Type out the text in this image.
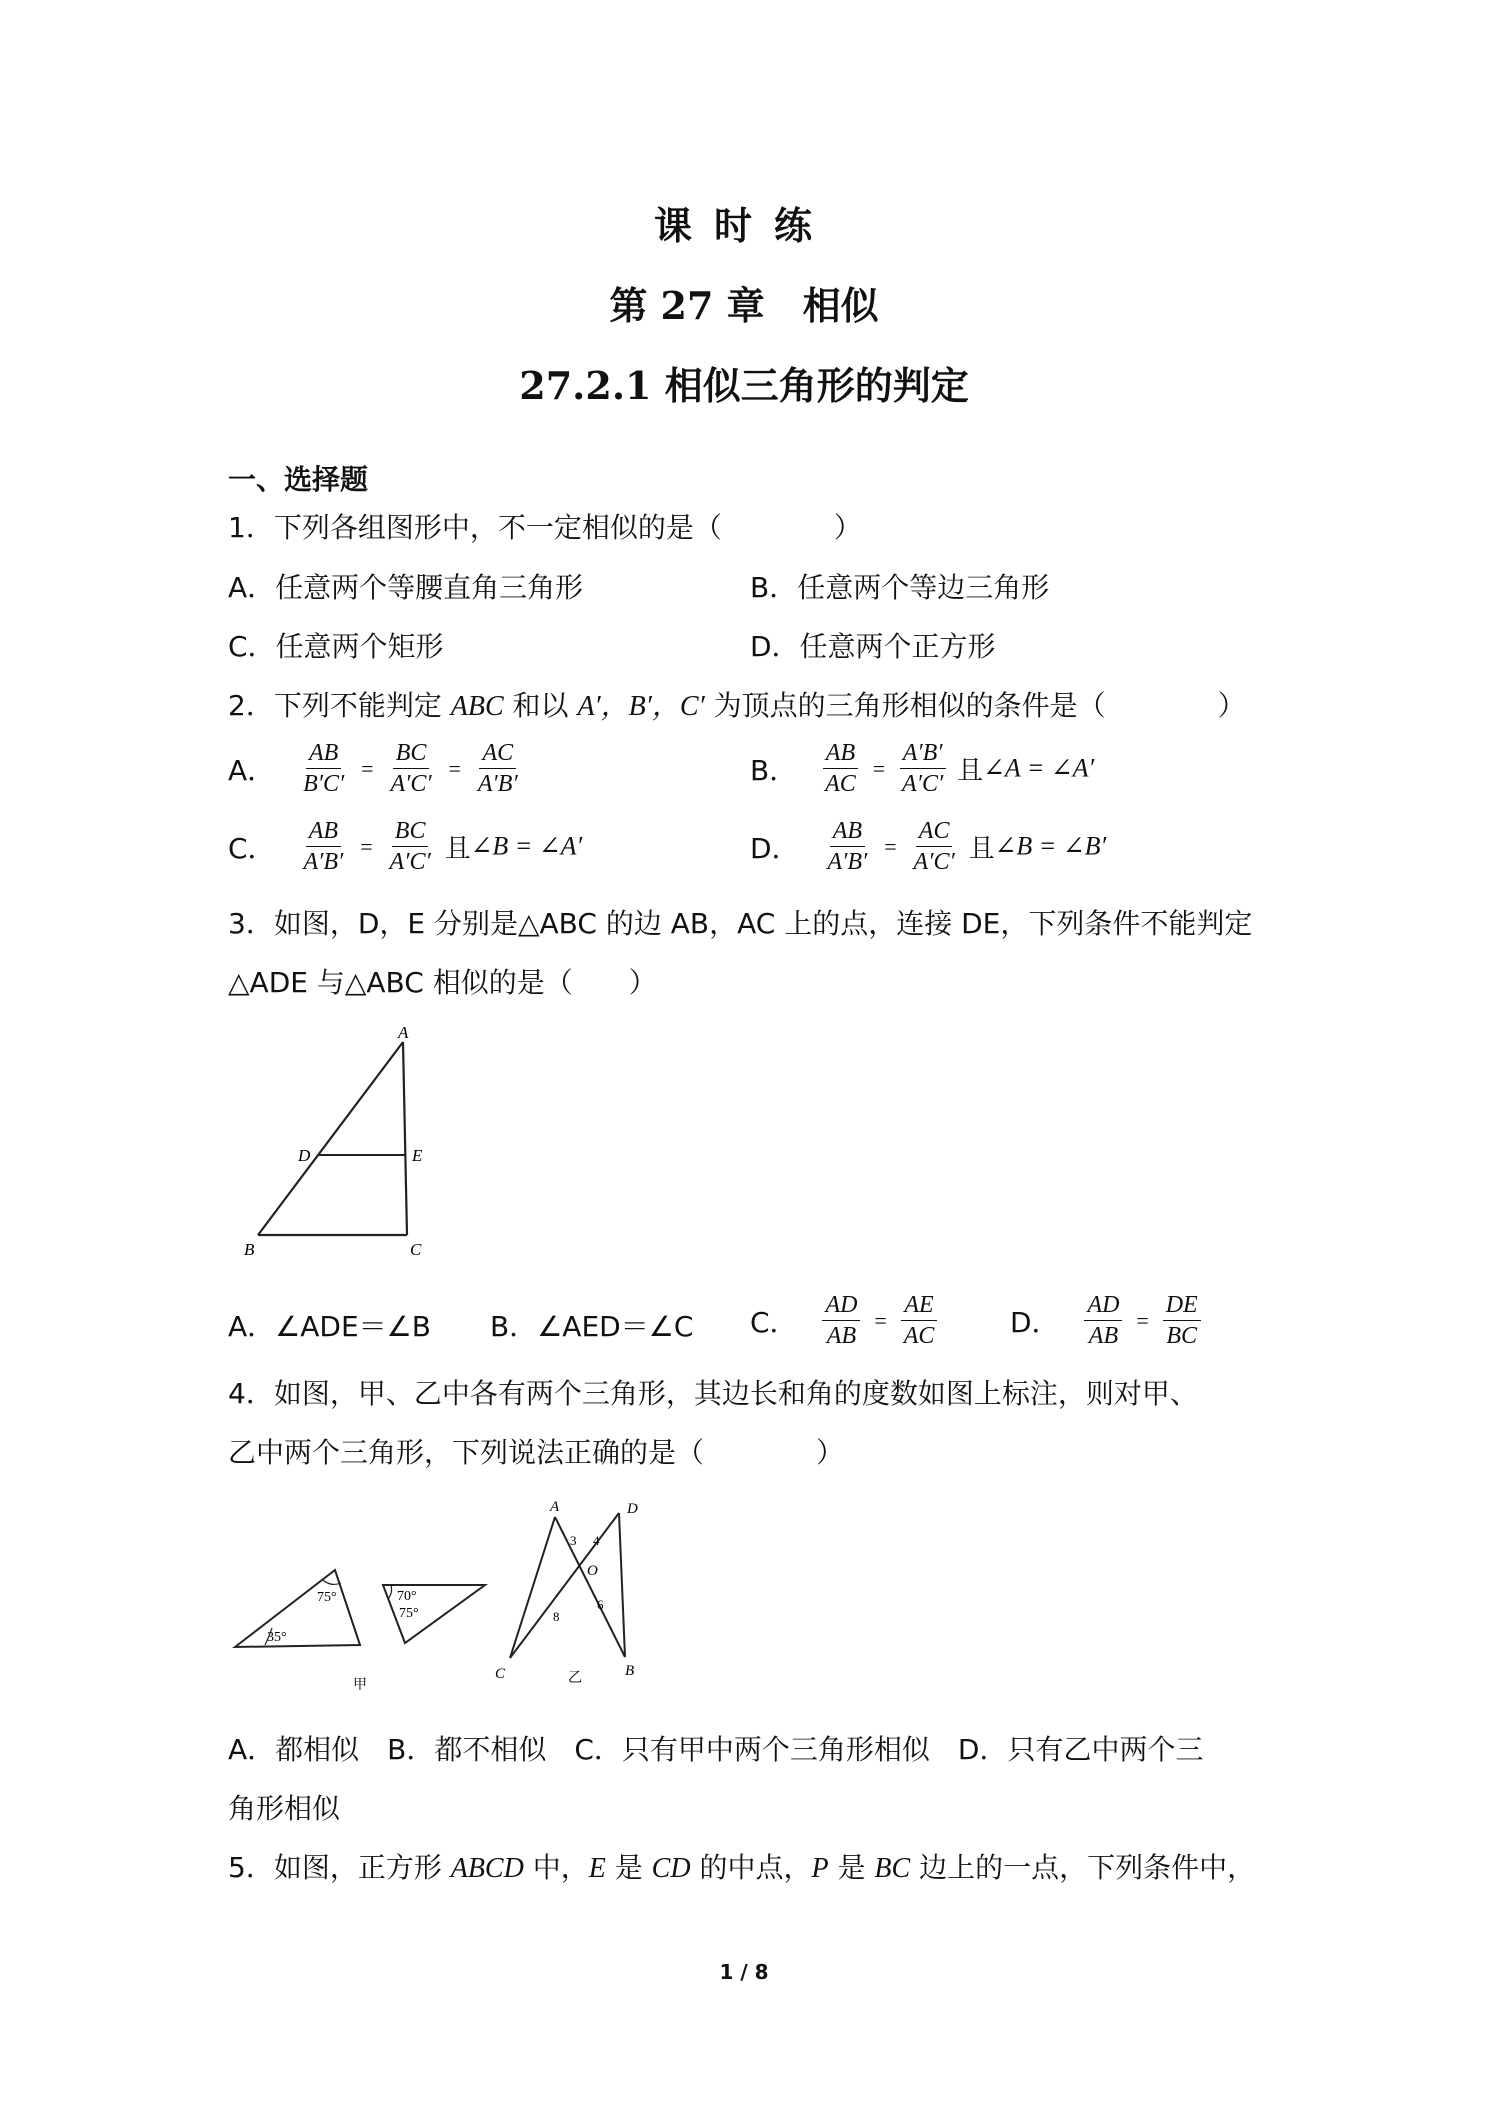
课时练
第 27 章　相似
27.2.1 相似三角形的判定
一、选择题
1．下列各组图形中，不一定相似的是（　　　　）
A．任意两个等腰直角三角形	B．任意两个等边三角形
C．任意两个矩形	D．任意两个正方形
2．下列不能判定 ABC 和以 A′，B′，C′ 为顶点的三角形相似的条件是（　　　　）
A． $\frac{AB}{B'C'} = \frac{BC}{A'C'} = \frac{AC}{A'B'}$	B． $\frac{AB}{AC} = \frac{A'B'}{A'C'}$ 且∠A = ∠A′
C． $\frac{AB}{A'B'} = \frac{BC}{A'C'}$ 且∠B = ∠A′	D． $\frac{AB}{A'B'} = \frac{AC}{A'C'}$ 且∠B = ∠B′
3．如图，D，E 分别是△ABC 的边 AB，AC 上的点，连接 DE，下列条件不能判定
△ADE 与△ABC 相似的是（　　）
A
D	E
B	C
A．∠ADE＝∠B B．∠AED＝∠C C． $\frac{AD}{AB} = \frac{AE}{AC}$	D． $\frac{AD}{AB} = \frac{DE}{BC}$
4．如图，甲、乙中各有两个三角形，其边长和角的度数如图上标注，则对甲、
乙中两个三角形，下列说法正确的是（　　　　）
35°
75°	70°
75°
甲
A	D
O
B
C
3 4
8
6
乙
A．都相似　B．都不相似　C．只有甲中两个三角形相似　D．只有乙中两个三
角形相似
5．如图，正方形 ABCD 中，E 是 CD 的中点，P 是 BC 边上的一点，下列条件中，
1 / 8
